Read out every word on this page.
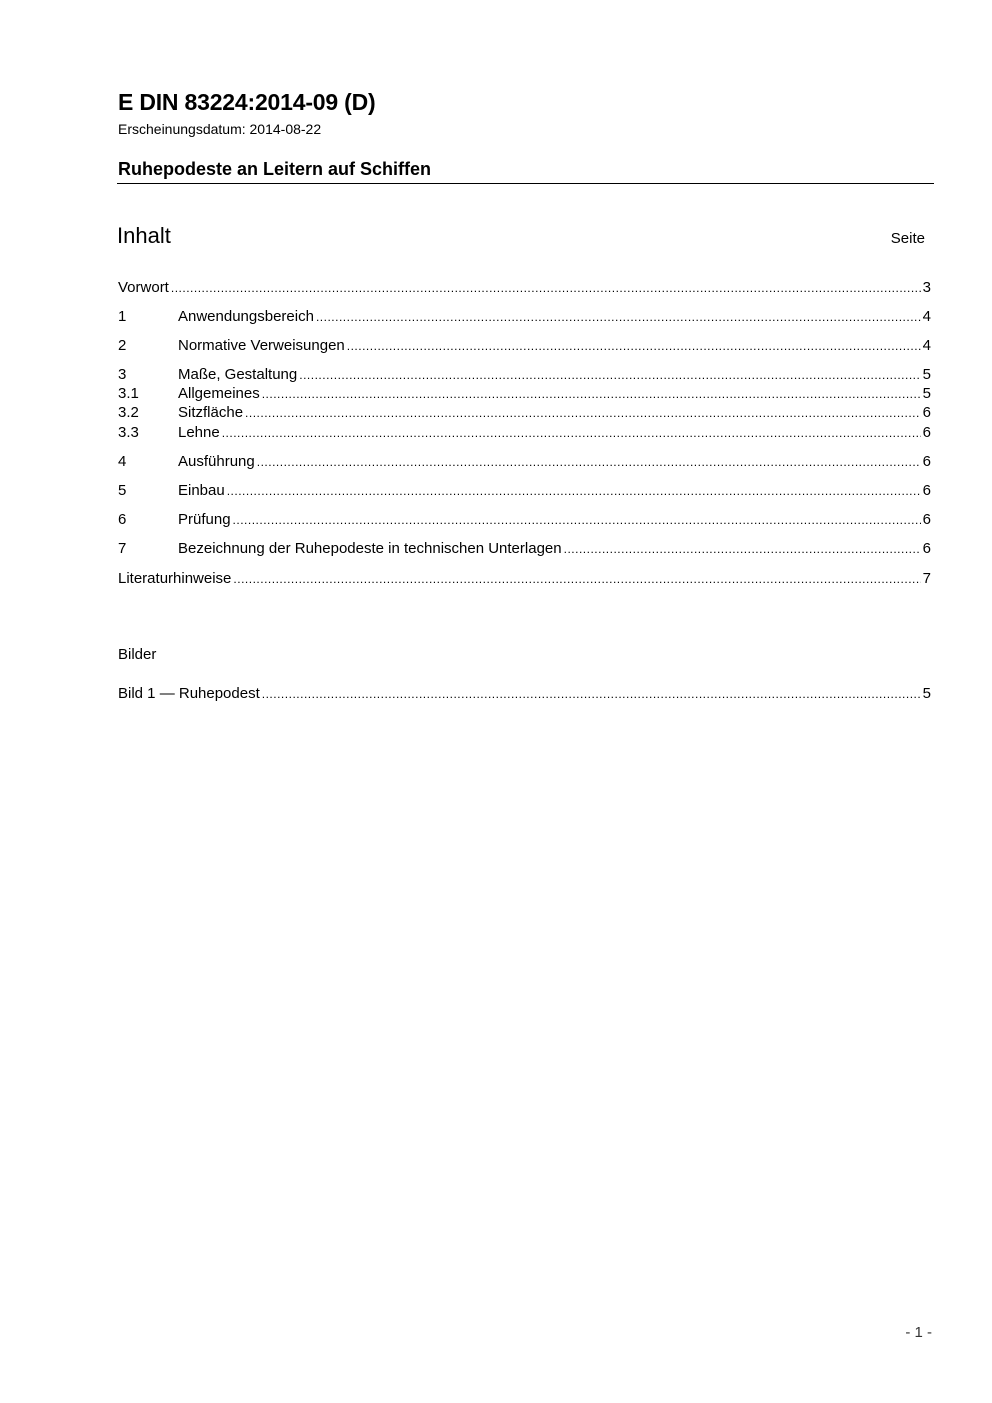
E DIN 83224:2014-09 (D)
Erscheinungsdatum: 2014-08-22
Ruhepodeste an Leitern auf Schiffen
Inhalt	Seite
Vorwort .....	3
1	Anwendungsbereich .....	4
2	Normative Verweisungen .....	4
3	Maße, Gestaltung .....	5
3.1	Allgemeines .....	5
3.2	Sitzfläche .....	6
3.3	Lehne .....	6
4	Ausführung .....	6
5	Einbau .....	6
6	Prüfung .....	6
7	Bezeichnung der Ruhepodeste in technischen Unterlagen .....	6
Literaturhinweise .....	7
Bilder
Bild 1 — Ruhepodest .....	5
- 1 -
